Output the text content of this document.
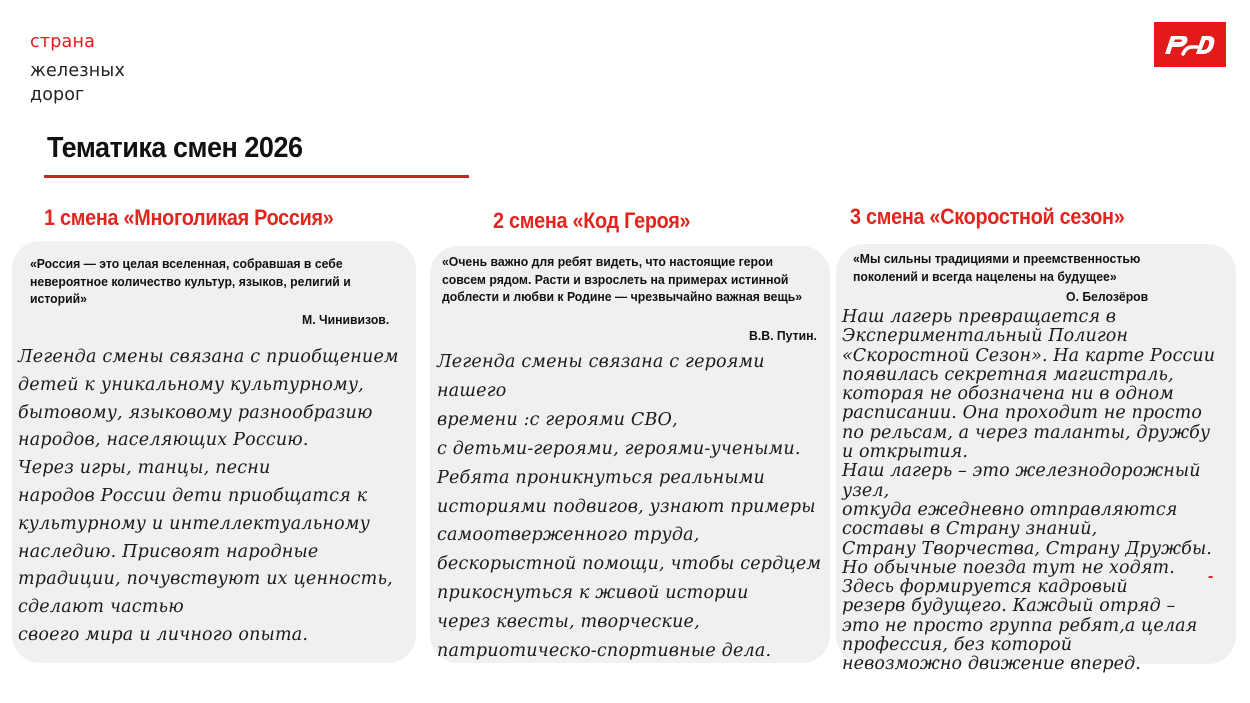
страна
железных
дорог
Тематика смен 2026
1 смена «Многоликая Россия»	2 смена «Код Героя»	3 смена «Скоростной сезон»
«Россия — это целая вселенная, собравшая в себе невероятное количество культур, языков, религий и историй»
М. Чинивизов.
Легенда смены связана с приобщением
детей к уникальному культурному,
бытовому, языковому разнообразию
народов, населяющих Россию.
Через игры, танцы, песни
народов России дети приобщатся к
культурному и интеллектуальному
наследию. Присвоят народные
традиции, почувствуют их ценность,
сделают частью
своего мира и личного опыта.
«Очень важно для ребят видеть, что настоящие герои совсем рядом. Расти и взрослеть на примерах истинной доблести и любви к Родине — чрезвычайно важная вещь»
В.В. Путин.
Легенда смены связана с героями нашего
времени :с героями СВО,
с детьми-героями, героями-учеными.
Ребята проникнуться реальными
историями подвигов, узнают примеры
самоотверженного труда,
бескорыстной помощи, чтобы сердцем
прикоснуться к живой истории
через квесты, творческие,
патриотическо-спортивные дела.
«Мы сильны традициями и преемственностью поколений и всегда нацелены на будущее»
О. Белозёров
Наш лагерь превращается в
Экспериментальный Полигон
«Скоростной Сезон». На карте России
появилась секретная магистраль,
которая не обозначена ни в одном
расписании. Она проходит не просто
по рельсам, а через таланты, дружбу
и открытия.
Наш лагерь – это железнодорожный узел,
откуда ежедневно отправляются
составы в Страну знаний,
Страну Творчества, Страну Дружбы.
Но обычные поезда тут не ходят.
Здесь формируется кадровый
резерв будущего. Каждый отряд –
это не просто группа ребят,а целая
профессия, без которой
невозможно движение вперед.
-
